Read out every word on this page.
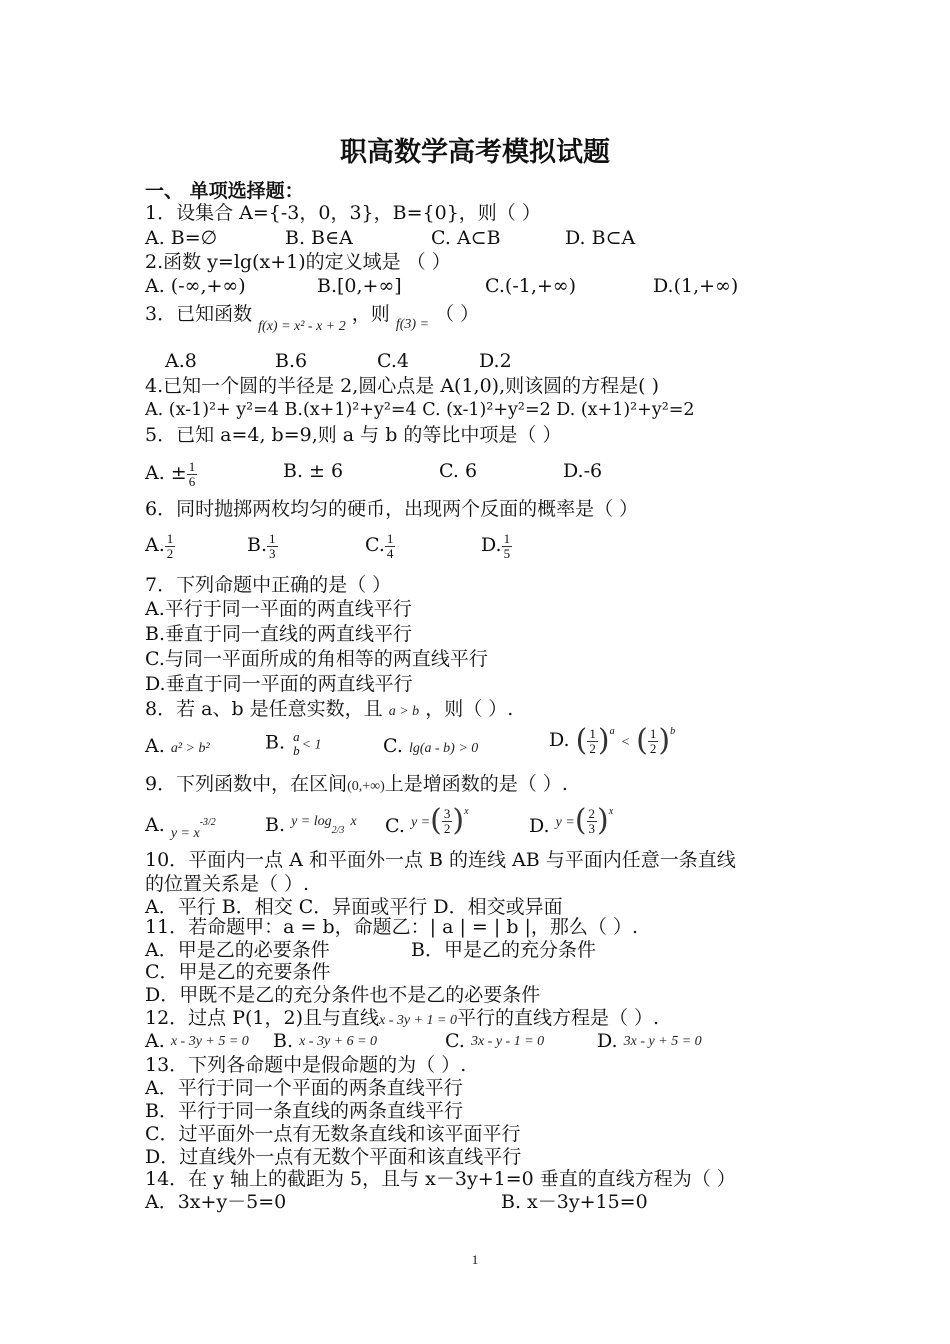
职高数学高考模拟试题
一、 单项选择题：
1．设集合 A={-3，0，3}，B={0}，则（ ）
A. B=∅	B. B∈A	C. A⊂B	D. B⊂A
2.函数 y=lg(x+1)的定义域是 （ ）
A. (-∞,+∞)	B.[0,+∞]	C.(-1,+∞)	D.(1,+∞)
3．已知函数 $_{f(x) = x^2 - x + 2}$ ，则 $_{f(3) =}$ （ ）
A.8	B.6	C.4	D.2
4.已知一个圆的半径是 2,圆心点是 A(1,0),则该圆的方程是( )
A. (x-1)²+ y²=4 B.(x+1)²+y²=4 C. (x-1)²+y²=2 D. (x+1)²+y²=2
5．已知 a=4, b=9,则 a 与 b 的等比中项是（ ）
A. ± $\frac{1}{6}$	B. ± 6	C. 6	D.-6
6．同时抛掷两枚均匀的硬币，出现两个反面的概率是（ ）
A. $\frac{1}{2}$	B. $\frac{1}{3}$	C. $\frac{1}{4}$	D. $\frac{1}{5}$
7．下列命题中正确的是（ ）
A.平行于同一平面的两直线平行
B.垂直于同一直线的两直线平行
C.与同一平面所成的角相等的两直线平行
D.垂直于同一平面的两直线平行
8．若 a、b 是任意实数，且 a > b ，则（ ）.
A. a² > b²	B. a
b < 1	C. lg(a - b) > 0	D. ( $\frac{1}{2} )^a$ < ( $\frac{1}{2} )^b$
9．下列函数中，在区间(0,+∞)上是增函数的是（ ）.
A. $_{y = x}^{-3/2}$	B. $y = \log_{2/3} x$ C. y =( $\frac{3}{2} )^x$
D. y =( $\frac{2}{3} )^x$
10．平面内一点 A 和平面外一点 B 的连线 AB 与平面内任意一条直线
的位置关系是（ ）.
A．平行 B．相交 C．异面或平行 D．相交或异面
11．若命题甲：a = b，命题乙：| a | = | b |，那么（ ）.
A．甲是乙的必要条件	B．甲是乙的充分条件
C．甲是乙的充要条件
D．甲既不是乙的充分条件也不是乙的必要条件
12．过点 P(1，2)且与直线x - 3y + 1 = 0平行的直线方程是（ ）.
A. x - 3y + 5 = 0 B. x - 3y + 6 = 0	C. 3x - y - 1 = 0	D. 3x - y + 5 = 0
13．下列各命题中是假命题的为（ ）.
A．平行于同一个平面的两条直线平行
B．平行于同一条直线的两条直线平行
C．过平面外一点有无数条直线和该平面平行
D．过直线外一点有无数个平面和该直线平行
14．在 y 轴上的截距为 5，且与 x－3y+1=0 垂直的直线方程为（ ）
A．3x+y－5=0	B. x－3y+15=0
1
